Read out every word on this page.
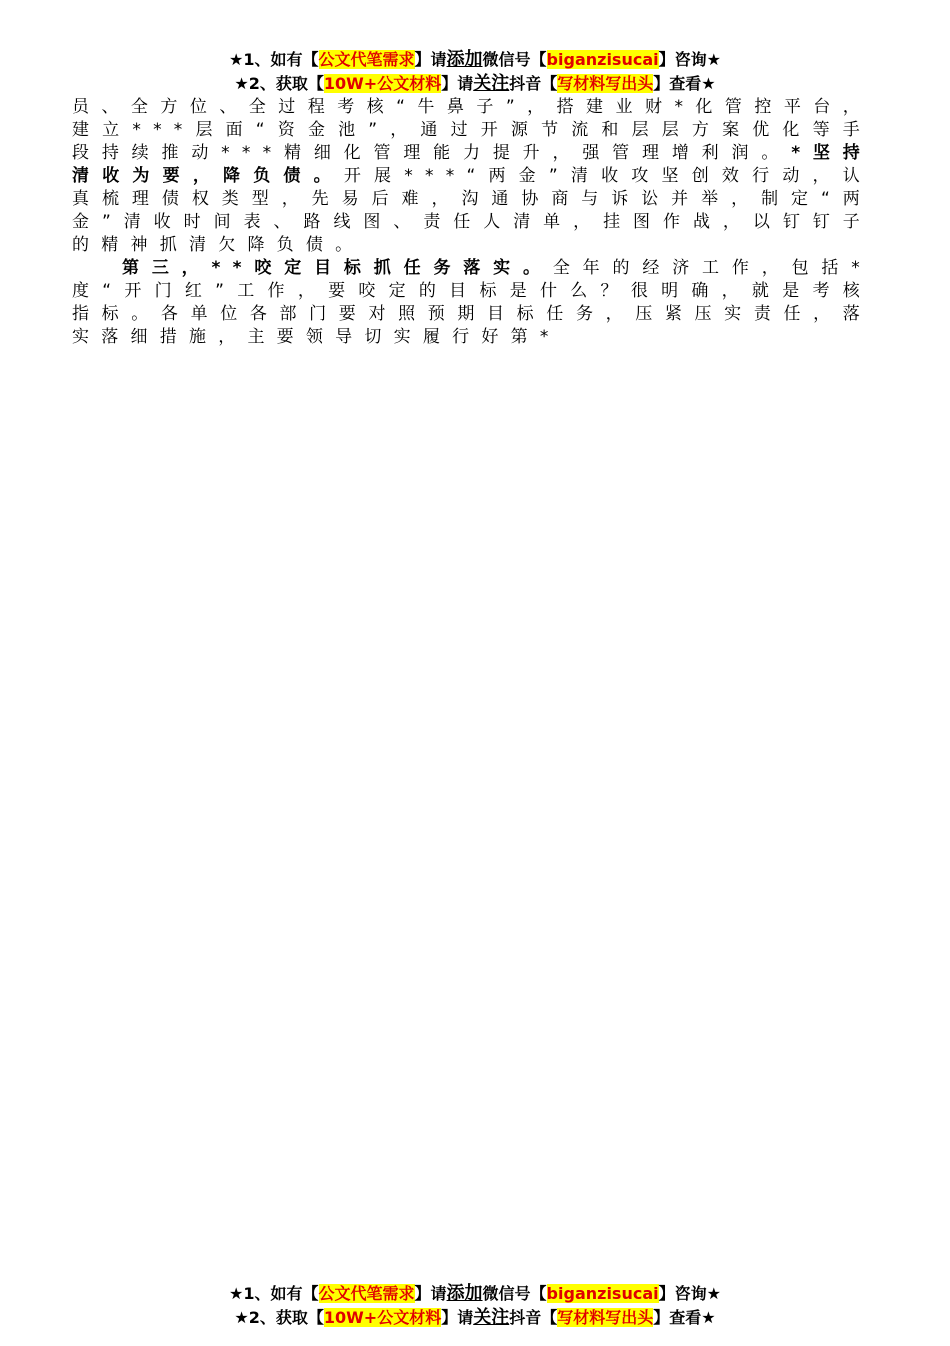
★1、如有【公文代笔需求】请添加微信号【biganzisucai】咨询★
★2、获取【10W+公文材料】请关注抖音【写材料写出头】查看★

员、全方位、全过程考核“牛鼻子”，搭建业财*化管控平台，建立***层面“资金池”，通过开源节流和层层方案优化等手段持续推动***精细化管理能力提升，强管理增利润。*坚持清收为要，降负债。开展***“两金”清收攻坚创效行动，认真梳理债权类型，先易后难，沟通协商与诉讼并举，制定“两金”清收时间表、路线图、责任人清单，挂图作战，以钉钉子的精神抓清欠降负债。

第三，**咬定目标抓任务落实。全年的经济工作，包括*度“开门红”工作，要咬定的目标是什么？很明确，就是考核指标。各单位各部门要对照预期目标任务，压紧压实责任，落实落细措施，主要领导切实履行好第*

★1、如有【公文代笔需求】请添加微信号【biganzisucai】咨询★
★2、获取【10W+公文材料】请关注抖音【写材料写出头】查看★
